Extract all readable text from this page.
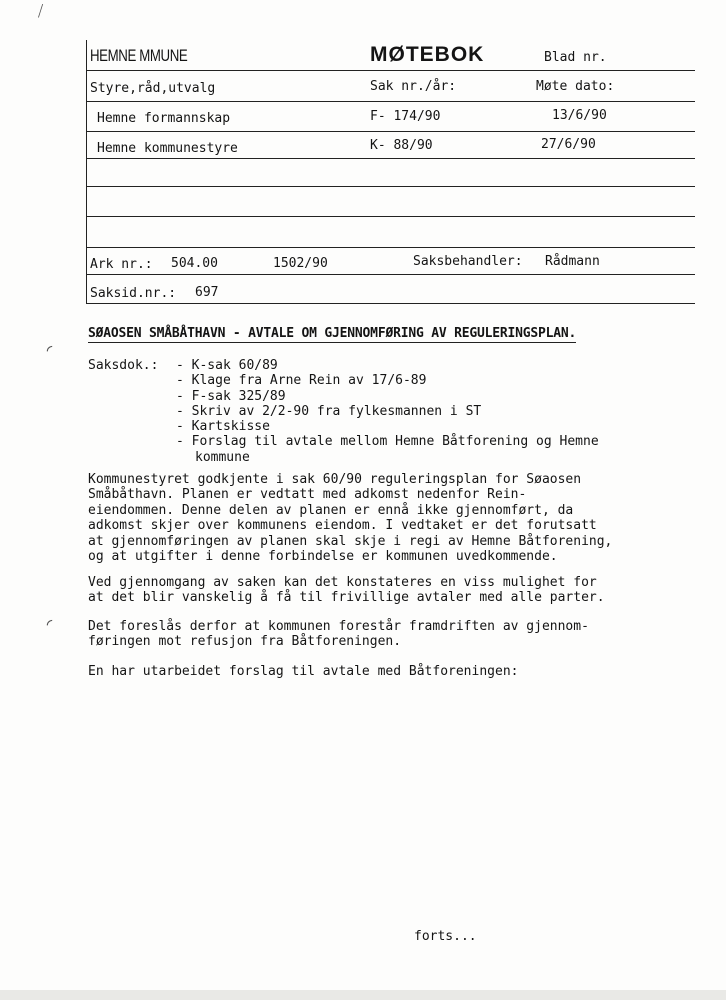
⧸
◜
◜
HEMNE MMUNE	MØTEBOK	Blad nr.
Styre,råd,utvalg	Sak nr./år:	Møte dato:
Hemne formannskap	F- 174/90	13/6/90
Hemne kommunestyre	K- 88/90	27/6/90
Ark nr.: 504.00	1502/90	Saksbehandler: Rådmann
Saksid.nr.: 697
SØAOSEN SMÅBÅTHAVN - AVTALE OM GJENNOMFØRING AV REGULERINGSPLAN.
Saksdok.: - K-sak 60/89
- Klage fra Arne Rein av 17/6-89
- F-sak 325/89
- Skriv av 2/2-90 fra fylkesmannen i ST
- Kartskisse
- Forslag til avtale mellom Hemne Båtforening og Hemne
kommune

Kommunestyret godkjente i sak 60/90 reguleringsplan for Søaosen
Småbåthavn. Planen er vedtatt med adkomst nedenfor Rein-
eiendommen. Denne delen av planen er ennå ikke gjennomført, da
adkomst skjer over kommunens eiendom. I vedtaket er det forutsatt
at gjennomføringen av planen skal skje i regi av Hemne Båtforening,
og at utgifter i denne forbindelse er kommunen uvedkommende.

Ved gjennomgang av saken kan det konstateres en viss mulighet for
at det blir vanskelig å få til frivillige avtaler med alle parter.

Det foreslås derfor at kommunen forestår framdriften av gjennom-
føringen mot refusjon fra Båtforeningen.

En har utarbeidet forslag til avtale med Båtforeningen:

forts...
